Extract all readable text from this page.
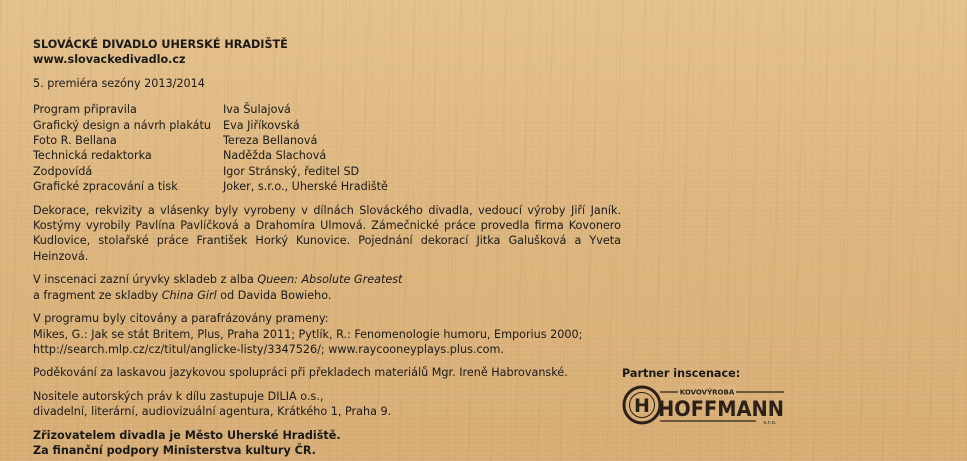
SLOVÁCKÉ DIVADLO UHERSKÉ HRADIŠTĚ
www.slovackedivadlo.cz
5. premiéra sezóny 2013/2014
Program připravila	Iva Šulajová
Grafický design a návrh plakátu	Eva Jiříkovská
Foto R. Bellana	Tereza Bellanová
Technická redaktorka	Naděžda Slachová
Zodpovídá	Igor Stránský, ředitel SD
Grafické zpracování a tisk	Joker, s.r.o., Uherské Hradiště
Dekorace, rekvizity a vlásenky byly vyrobeny v dílnách Slováckého divadla, vedoucí výroby Jiří Janík. Kostýmy vyrobily Pavlína Pavlíčková a Drahomíra Ulmová. Zámečnické práce provedla firma Kovonero Kudlovice, stolařské práce František Horký Kunovice. Pojednání dekorací Jitka Galušková a Yveta Heinzová.
V inscenaci zazní úryvky skladeb z alba Queen: Absolute Greatest
a fragment ze skladby China Girl od Davida Bowieho.
V programu byly citovány a parafrázovány prameny:
Mikes, G.: Jak se stát Britem, Plus, Praha 2011; Pytlík, R.: Fenomenologie humoru, Emporius 2000;
http://search.mlp.cz/cz/titul/anglicke-listy/3347526/; www.raycooneyplays.plus.com.
Poděkování za laskavou jazykovou spolupráci při překladech materiálů Mgr. Ireně Habrovanské.
Nositele autorských práv k dílu zastupuje DILIA o.s.,
divadelní, literární, audiovizuální agentura, Krátkého 1, Praha 9.
Zřizovatelem divadla je Město Uherské Hradiště.
Za finanční podpory Ministerstva kultury ČR.
Partner inscenace:
H
KOVOVÝROBA
HOFFMANN
s.r.o.
